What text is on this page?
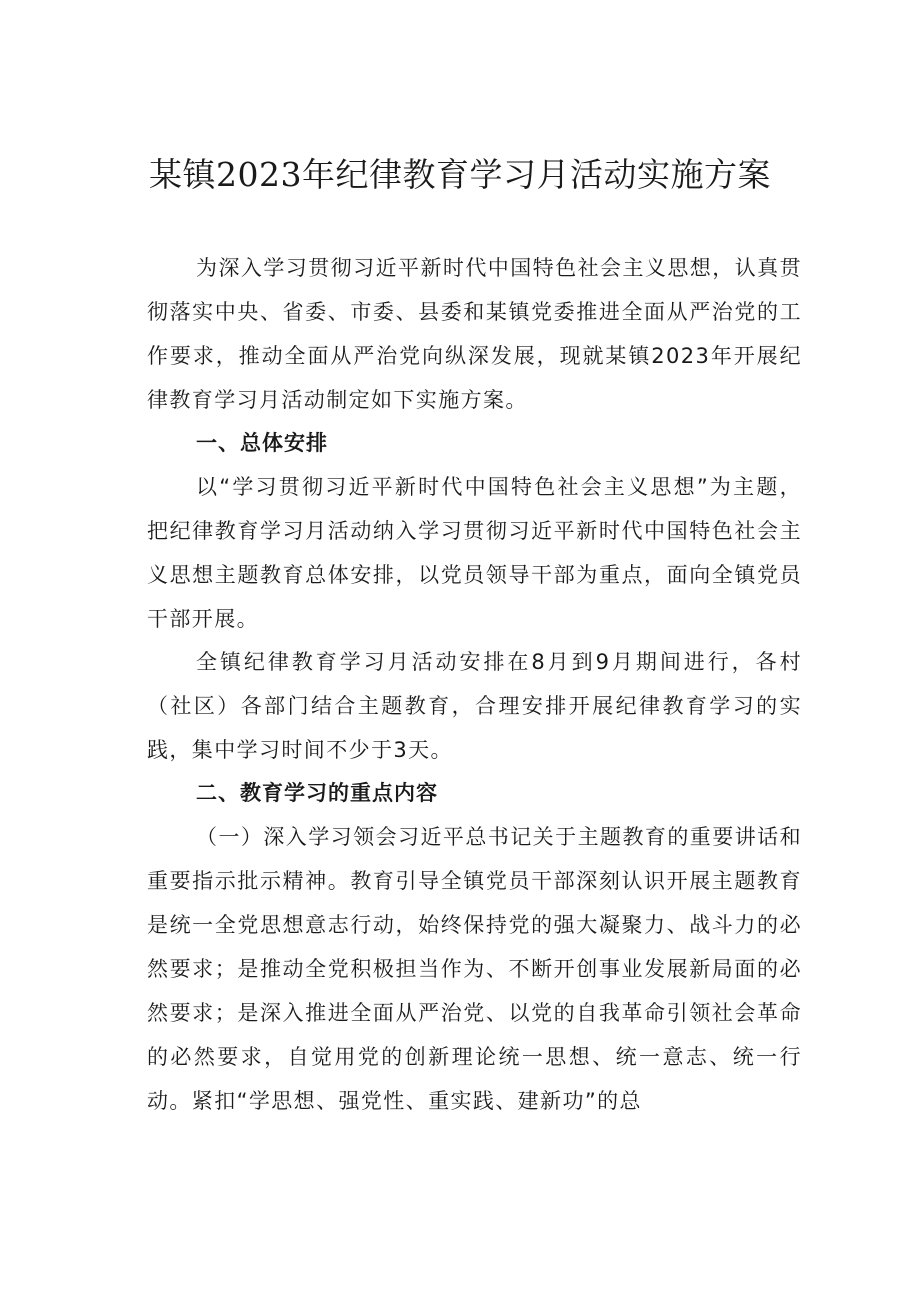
某镇2023年纪律教育学习月活动实施方案

为深入学习贯彻习近平新时代中国特色社会主义思想，认真贯彻落实中央、省委、市委、县委和某镇党委推进全面从严治党的工作要求，推动全面从严治党向纵深发展，现就某镇2023年开展纪律教育学习月活动制定如下实施方案。

一、总体安排

以“学习贯彻习近平新时代中国特色社会主义思想”为主题，把纪律教育学习月活动纳入学习贯彻习近平新时代中国特色社会主义思想主题教育总体安排，以党员领导干部为重点，面向全镇党员干部开展。

全镇纪律教育学习月活动安排在8月到9月期间进行，各村（社区）各部门结合主题教育，合理安排开展纪律教育学习的实践，集中学习时间不少于3天。

二、教育学习的重点内容

（一）深入学习领会习近平总书记关于主题教育的重要讲话和重要指示批示精神。教育引导全镇党员干部深刻认识开展主题教育是统一全党思想意志行动，始终保持党的强大凝聚力、战斗力的必然要求；是推动全党积极担当作为、不断开创事业发展新局面的必然要求；是深入推进全面从严治党、以党的自我革命引领社会革命的必然要求，自觉用党的创新理论统一思想、统一意志、统一行动。紧扣“学思想、强党性、重实践、建新功”的总
